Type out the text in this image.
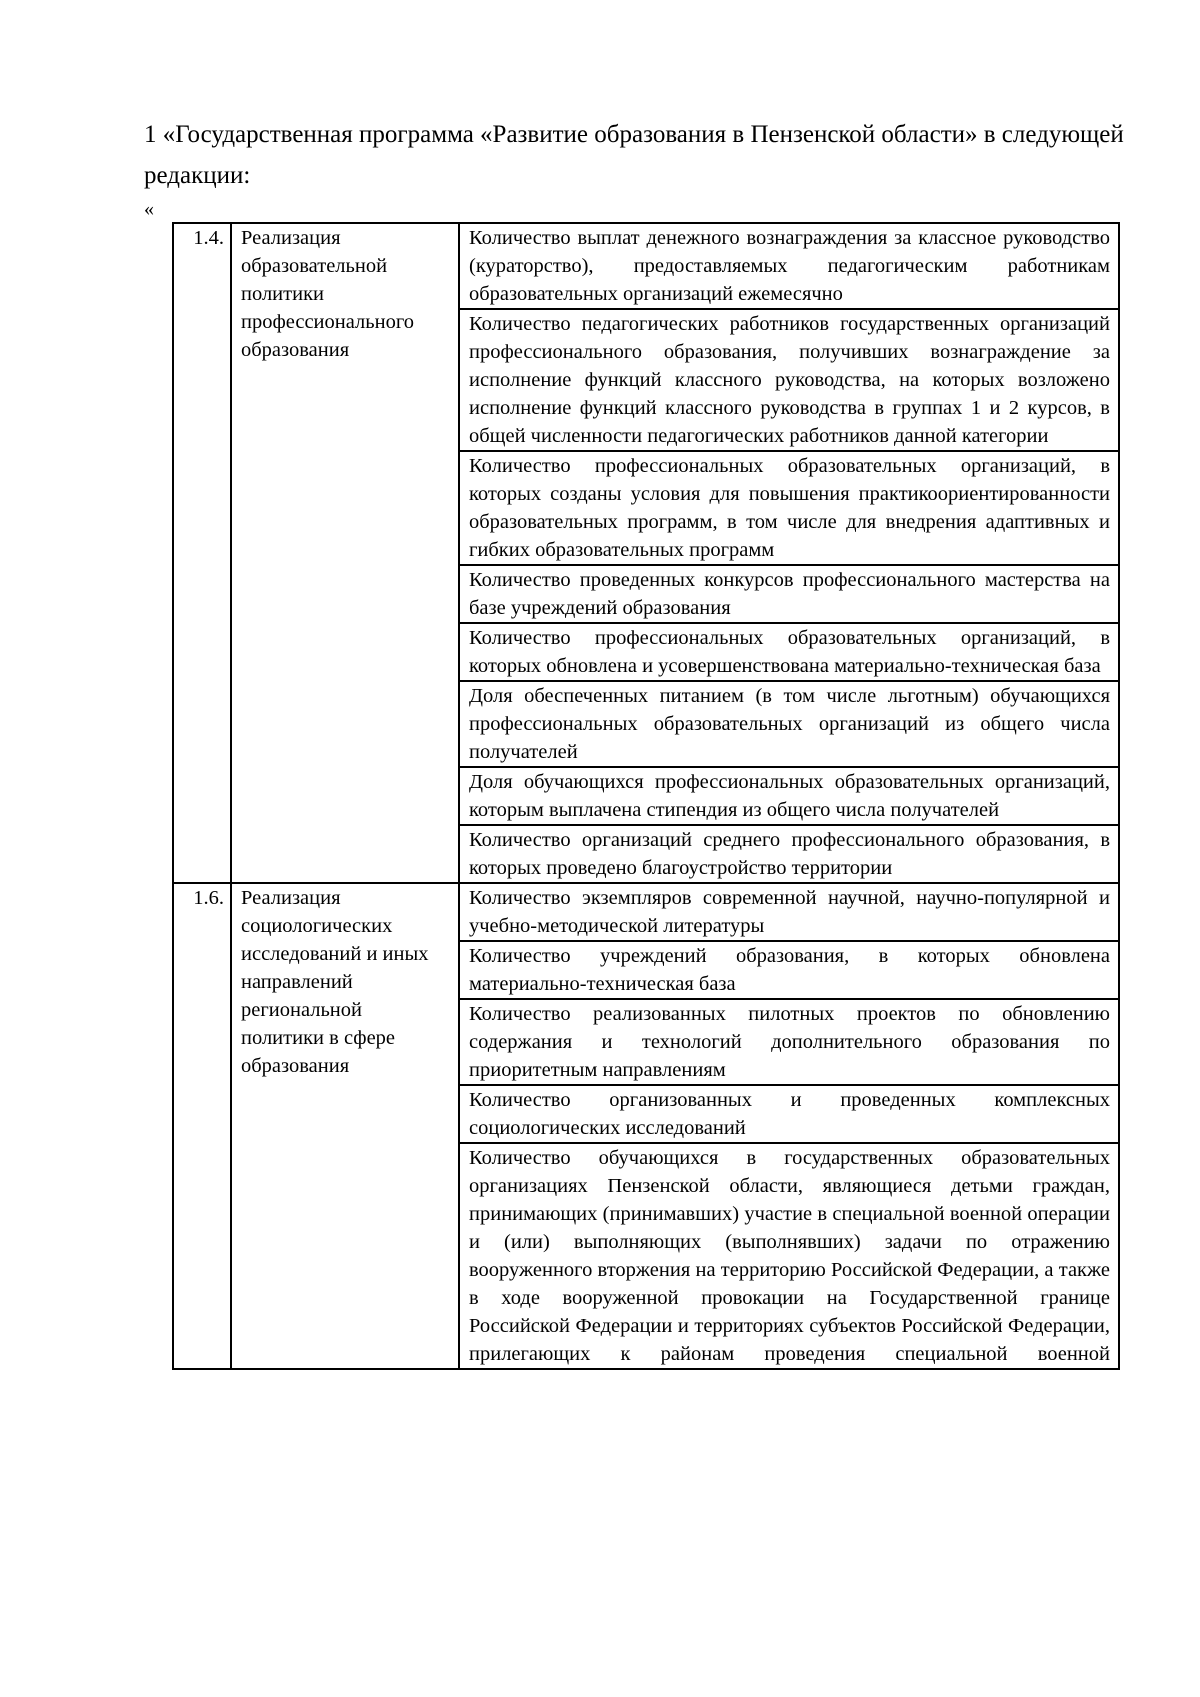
1 «Государственная программа «Развитие образования в Пензенской области» в следующей редакции:

«
1.4.	Реализация образовательной политики профессионального образования	Количество выплат денежного вознаграждения за классное руководство (кураторство), предоставляемых педагогическим работникам образовательных организаций ежемесячно
		Количество педагогических работников государственных организаций профессионального образования, получивших вознаграждение за исполнение функций классного руководства, на которых возложено исполнение функций классного руководства в группах 1 и 2 курсов, в общей численности педагогических работников данной категории
		Количество профессиональных образовательных организаций, в которых созданы условия для повышения практикоориентированности образовательных программ, в том числе для внедрения адаптивных и гибких образовательных программ
		Количество проведенных конкурсов профессионального мастерства на базе учреждений образования
		Количество профессиональных образовательных организаций, в которых обновлена и усовершенствована материально-техническая база
		Доля обеспеченных питанием (в том числе льготным) обучающихся профессиональных образовательных организаций из общего числа получателей
		Доля обучающихся профессиональных образовательных организаций, которым выплачена стипендия из общего числа получателей
		Количество организаций среднего профессионального образования, в которых проведено благоустройство территории
1.6.	Реализация социологических исследований и иных направлений региональной политики в сфере образования	Количество экземпляров современной научной, научно-популярной и учебно-методической литературы
		Количество учреждений образования, в которых обновлена материально-техническая база
		Количество реализованных пилотных проектов по обновлению содержания и технологий дополнительного образования по приоритетным направлениям
		Количество организованных и проведенных комплексных социологических исследований
		Количество обучающихся в государственных образовательных организациях Пензенской области, являющиеся детьми граждан, принимающих (принимавших) участие в специальной военной операции и (или) выполняющих (выполнявших) задачи по отражению вооруженного вторжения на территорию Российской Федерации, а также в ходе вооруженной провокации на Государственной границе Российской Федерации и территориях субъектов Российской Федерации, прилегающих к районам проведения специальной военной
